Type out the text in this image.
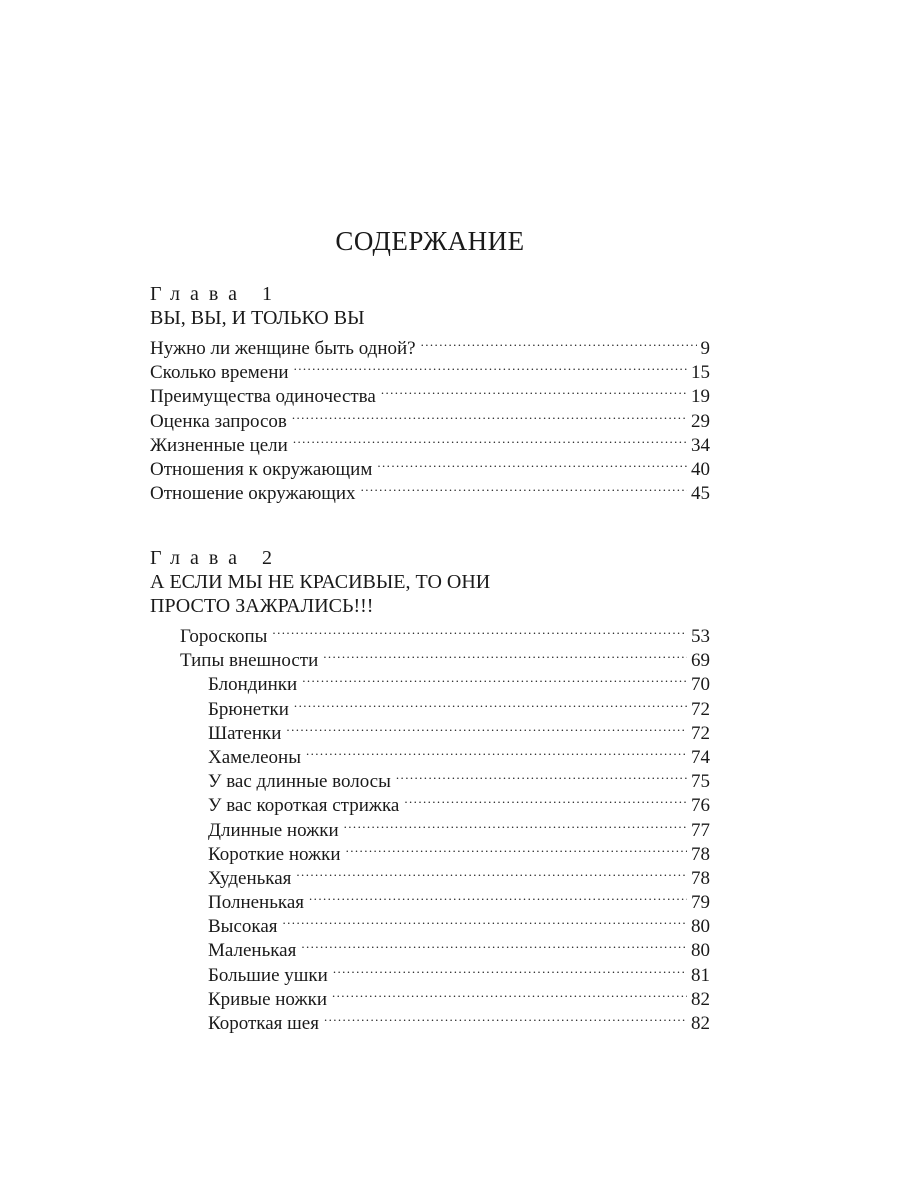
СОДЕРЖАНИЕ
Глава 1
ВЫ, ВЫ, И ТОЛЬКО ВЫ
Нужно ли женщине быть одной? .....	9
Сколько времени .....	15
Преимущества одиночества .....	19
Оценка запросов .....	29
Жизненные цели .....	34
Отношения к окружающим .....	40
Отношение окружающих .....	45
Глава 2
А ЕСЛИ МЫ НЕ КРАСИВЫЕ, ТО ОНИ
ПРОСТО ЗАЖРАЛИСЬ!!!
Гороскопы .....	53
Типы внешности .....	69
Блондинки .....	70
Брюнетки .....	72
Шатенки .....	72
Хамелеоны .....	74
У вас длинные волосы .....	75
У вас короткая стрижка .....	76
Длинные ножки .....	77
Короткие ножки .....	78
Худенькая .....	78
Полненькая .....	79
Высокая .....	80
Маленькая .....	80
Большие ушки .....	81
Кривые ножки .....	82
Короткая шея .....	82
